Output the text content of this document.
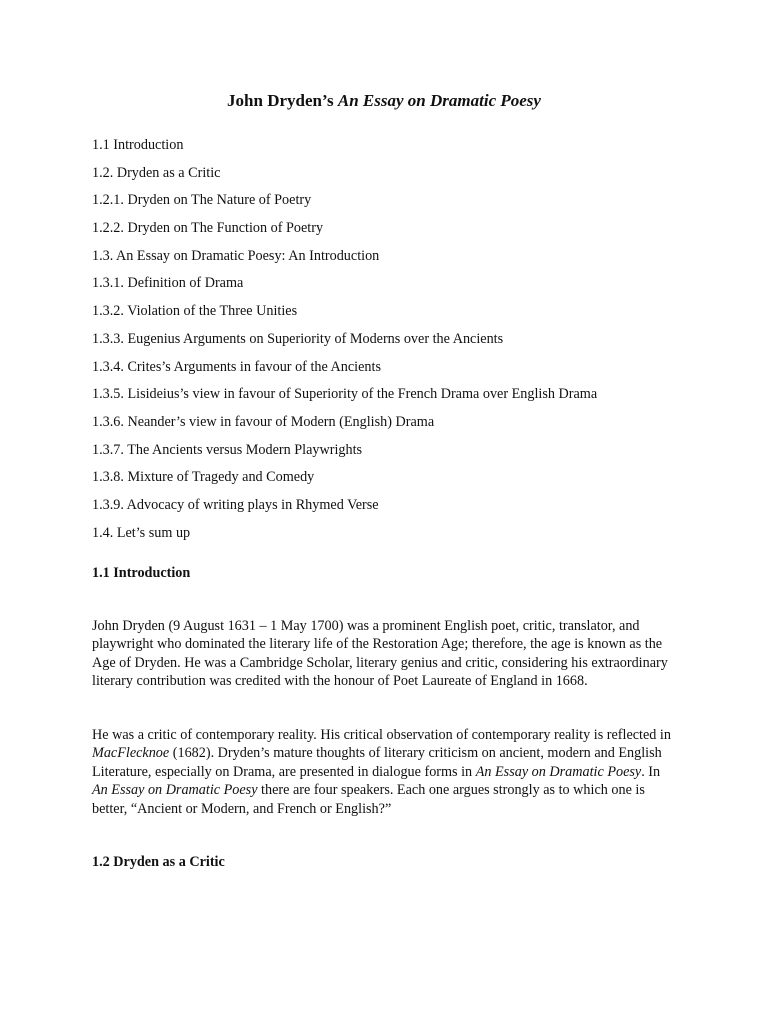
John Dryden’s An Essay on Dramatic Poesy
1.1 Introduction
1.2. Dryden as a Critic
1.2.1. Dryden on The Nature of Poetry
1.2.2. Dryden on The Function of Poetry
1.3. An Essay on Dramatic Poesy: An Introduction
1.3.1. Definition of Drama
1.3.2. Violation of the Three Unities
1.3.3. Eugenius Arguments on Superiority of Moderns over the Ancients
1.3.4. Crites’s Arguments in favour of the Ancients
1.3.5. Lisideius’s view in favour of Superiority of the French Drama over English Drama
1.3.6. Neander’s view in favour of Modern (English) Drama
1.3.7. The Ancients versus Modern Playwrights
1.3.8. Mixture of Tragedy and Comedy
1.3.9. Advocacy of writing plays in Rhymed Verse
1.4. Let’s sum up
1.1 Introduction

John Dryden (9 August 1631 – 1 May 1700) was a prominent English poet, critic, translator, and playwright who dominated the literary life of the Restoration Age; therefore, the age is known as the Age of Dryden. He was a Cambridge Scholar, literary genius and critic, considering his extraordinary literary contribution was credited with the honour of Poet Laureate of England in 1668.

He was a critic of contemporary reality. His critical observation of contemporary reality is reflected in MacFlecknoe (1682). Dryden’s mature thoughts of literary criticism on ancient, modern and English Literature, especially on Drama, are presented in dialogue forms in An Essay on Dramatic Poesy. In An Essay on Dramatic Poesy there are four speakers. Each one argues strongly as to which one is better, “Ancient or Modern, and French or English?”

1.2 Dryden as a Critic
